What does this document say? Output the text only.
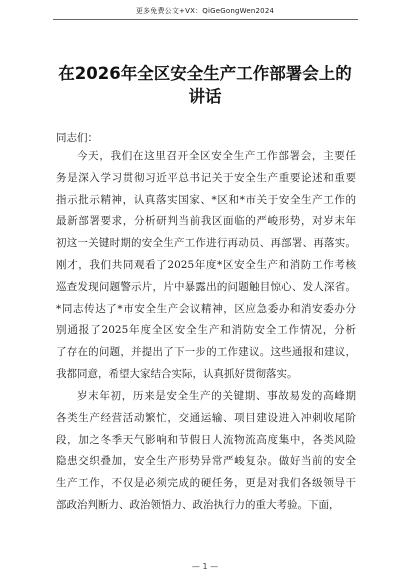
更多免费公文+VX：QiGeGongWen2024
在2026年全区安全生产工作部署会上的
讲话
同志们：
今天，我们在这里召开全区安全生产工作部署会，主要任
务是深入学习贯彻习近平总书记关于安全生产重要论述和重要
指示批示精神，认真落实国家、*区和*市关于安全生产工作的
最新部署要求，分析研判当前我区面临的严峻形势，对岁末年
初这一关键时期的安全生产工作进行再动员、再部署、再落实。
刚才，我们共同观看了2025年度*区安全生产和消防工作考核
巡查发现问题警示片，片中暴露出的问题触目惊心、发人深省。
*同志传达了*市安全生产会议精神，区应急委办和消安委办分
别通报了2025年度全区安全生产和消防安全工作情况，分析
了存在的问题，并提出了下一步的工作建议。这些通报和建议，
我都同意，希望大家结合实际，认真抓好贯彻落实。
岁末年初，历来是安全生产的关键期、事故易发的高峰期
各类生产经营活动繁忙，交通运输、项目建设进入冲刺收尾阶
段，加之冬季天气影响和节假日人流物流高度集中，各类风险
隐患交织叠加，安全生产形势异常严峻复杂。做好当前的安全
生产工作，不仅是必须完成的硬任务，更是对我们各级领导干
部政治判断力、政治领悟力、政治执行力的重大考验。下面，
— 1 —
